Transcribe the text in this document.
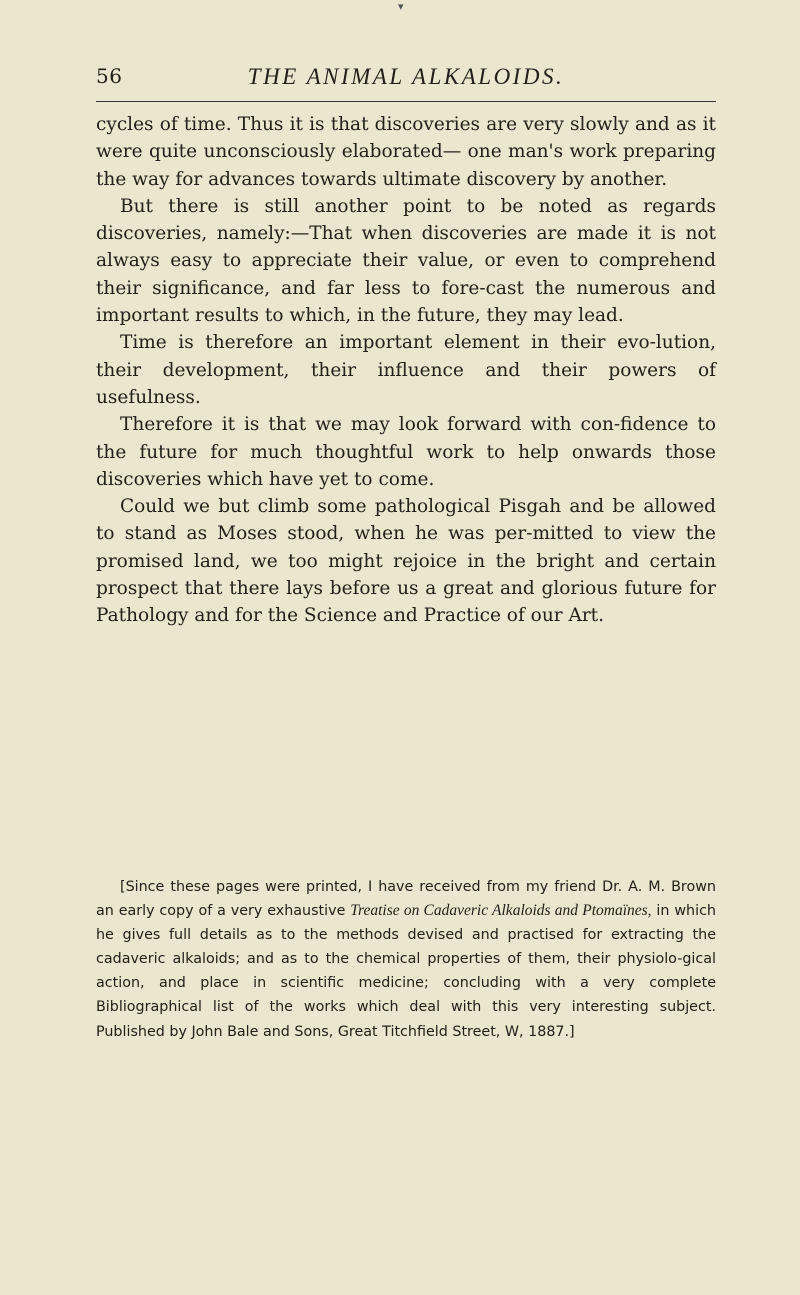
▾
56	THE ANIMAL ALKALOIDS.

cycles of time. Thus it is that discoveries are very slowly and as it were quite unconsciously elaborated— one man's work preparing the way for advances towards ultimate discovery by another.

But there is still another point to be noted as regards discoveries, namely:—That when discoveries are made it is not always easy to appreciate their value, or even to comprehend their significance, and far less to fore-cast the numerous and important results to which, in the future, they may lead.

Time is therefore an important element in their evo-lution, their development, their influence and their powers of usefulness.

Therefore it is that we may look forward with con-fidence to the future for much thoughtful work to help onwards those discoveries which have yet to come.

Could we but climb some pathological Pisgah and be allowed to stand as Moses stood, when he was per-mitted to view the promised land, we too might rejoice in the bright and certain prospect that there lays before us a great and glorious future for Pathology and for the Science and Practice of our Art.

[Since these pages were printed, I have received from my friend Dr. A. M. Brown an early copy of a very exhaustive Treatise on Cadaveric Alkaloids and Ptomaïnes, in which he gives full details as to the methods devised and practised for extracting the cadaveric alkaloids; and as to the chemical properties of them, their physiolo-gical action, and place in scientific medicine; concluding with a very complete Bibliographical list of the works which deal with this very interesting subject. Published by John Bale and Sons, Great Titchfield Street, W, 1887.]
